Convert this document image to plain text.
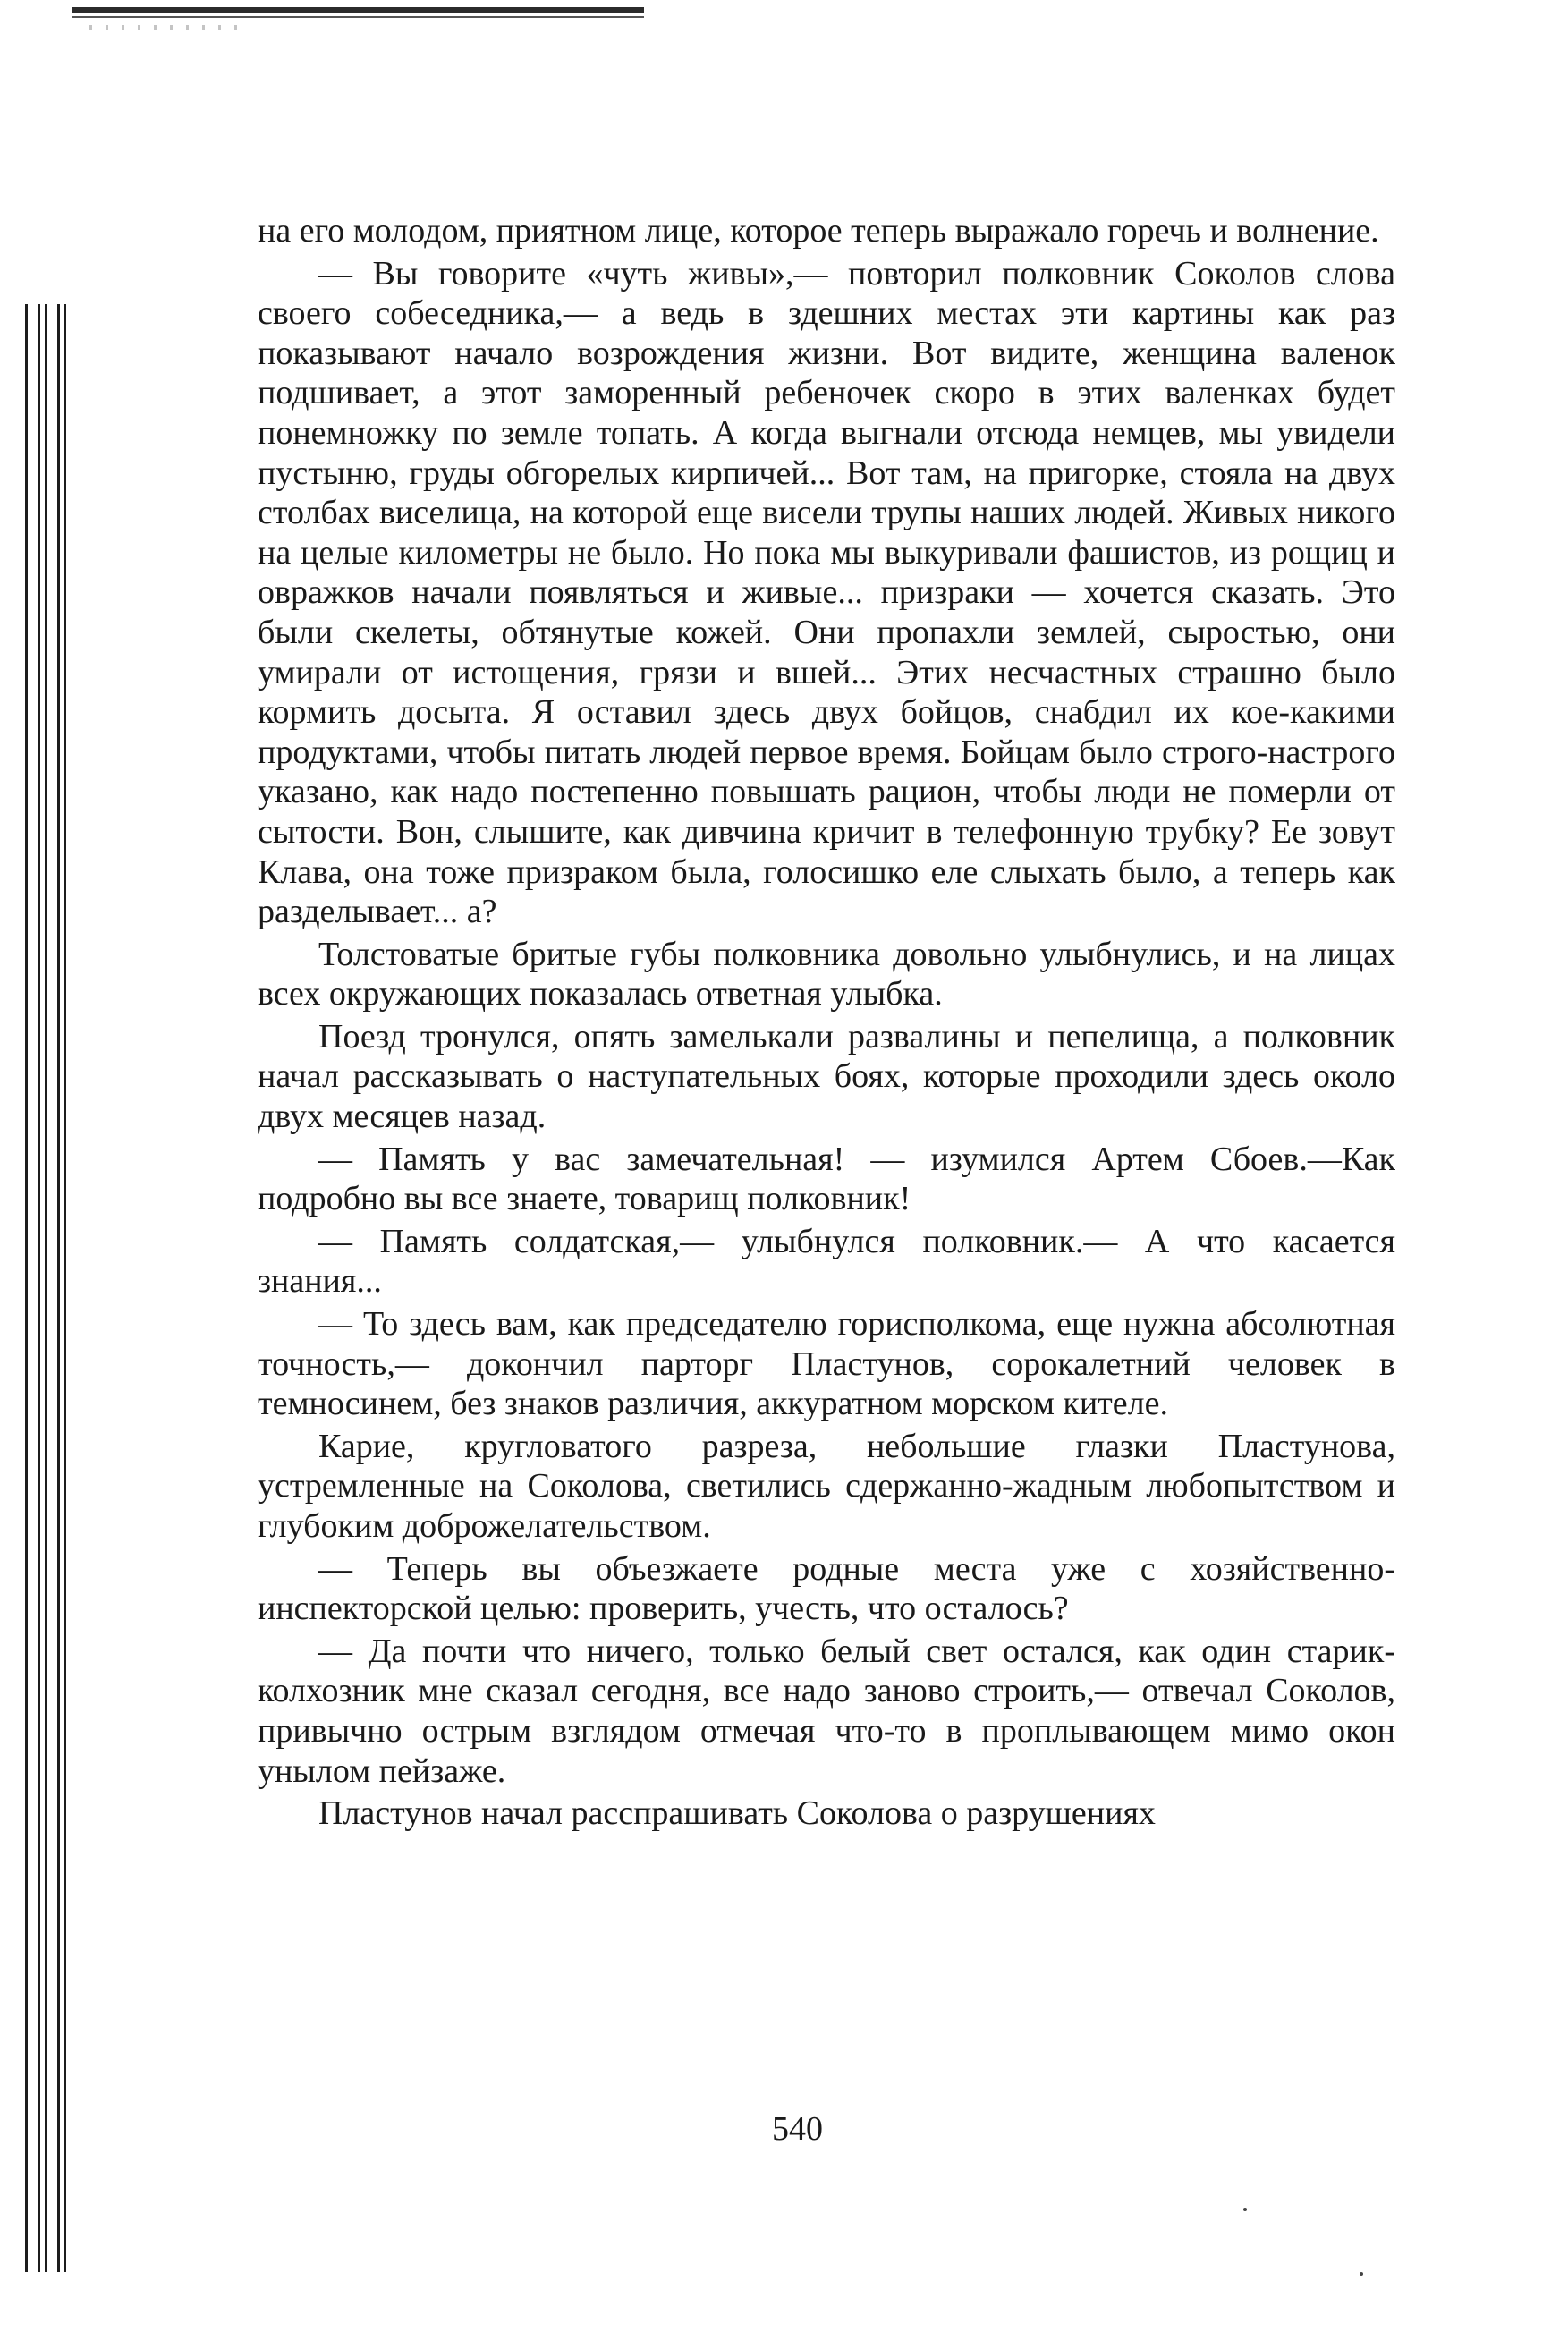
на его молодом, приятном лице, которое теперь выражало горечь и волнение.

— Вы говорите «чуть живы»,— повторил полковник Соколов слова своего собеседника,— а ведь в здешних местах эти картины как раз показывают начало возрождения жизни. Вот видите, женщина валенок подшивает, а этот заморенный ребеночек скоро в этих валенках будет понемножку по земле топать. А когда выгнали отсюда немцев, мы увидели пустыню, груды обгорелых кирпичей... Вот там, на пригорке, стояла на двух столбах виселица, на которой еще висели трупы наших людей. Живых никого на целые километры не было. Но пока мы выкуривали фашистов, из рощиц и овражков начали появляться и живые... призраки — хочется сказать. Это были скелеты, обтянутые кожей. Они пропахли землей, сыростью, они умирали от истощения, грязи и вшей... Этих несчастных страшно было кормить досыта. Я оставил здесь двух бойцов, снабдил их кое-какими продуктами, чтобы питать людей первое время. Бойцам было строго-настрого указано, как надо постепенно повышать рацион, чтобы люди не померли от сытости. Вон, слышите, как дивчина кричит в телефонную трубку? Ее зовут Клава, она тоже призраком была, голосишко еле слыхать было, а теперь как разделывает... а?

Толстоватые бритые губы полковника довольно улыбнулись, и на лицах всех окружающих показалась ответная улыбка.

Поезд тронулся, опять замелькали развалины и пепелища, а полковник начал рассказывать о наступательных боях, которые проходили здесь около двух месяцев назад.

— Память у вас замечательная! — изумился Артем Сбоев.—Как подробно вы все знаете, товарищ полковник!

— Память солдатская,— улыбнулся полковник.— А что касается знания...

— То здесь вам, как председателю горисполкома, еще нужна абсолютная точность,— докончил парторг Пластунов, сорокалетний человек в темносинем, без знаков различия, аккуратном морском кителе.

Карие, кругловатого разреза, небольшие глазки Пластунова, устремленные на Соколова, светились сдержанно-жадным любопытством и глубоким доброжелательством.

— Теперь вы объезжаете родные места уже с хозяйственно-инспекторской целью: проверить, учесть, что осталось?

— Да почти что ничего, только белый свет остался, как один старик-колхозник мне сказал сегодня, все надо заново строить,— отвечал Соколов, привычно острым взглядом отмечая что-то в проплывающем мимо окон унылом пейзаже.

Пластунов начал расспрашивать Соколова о разрушениях

540
